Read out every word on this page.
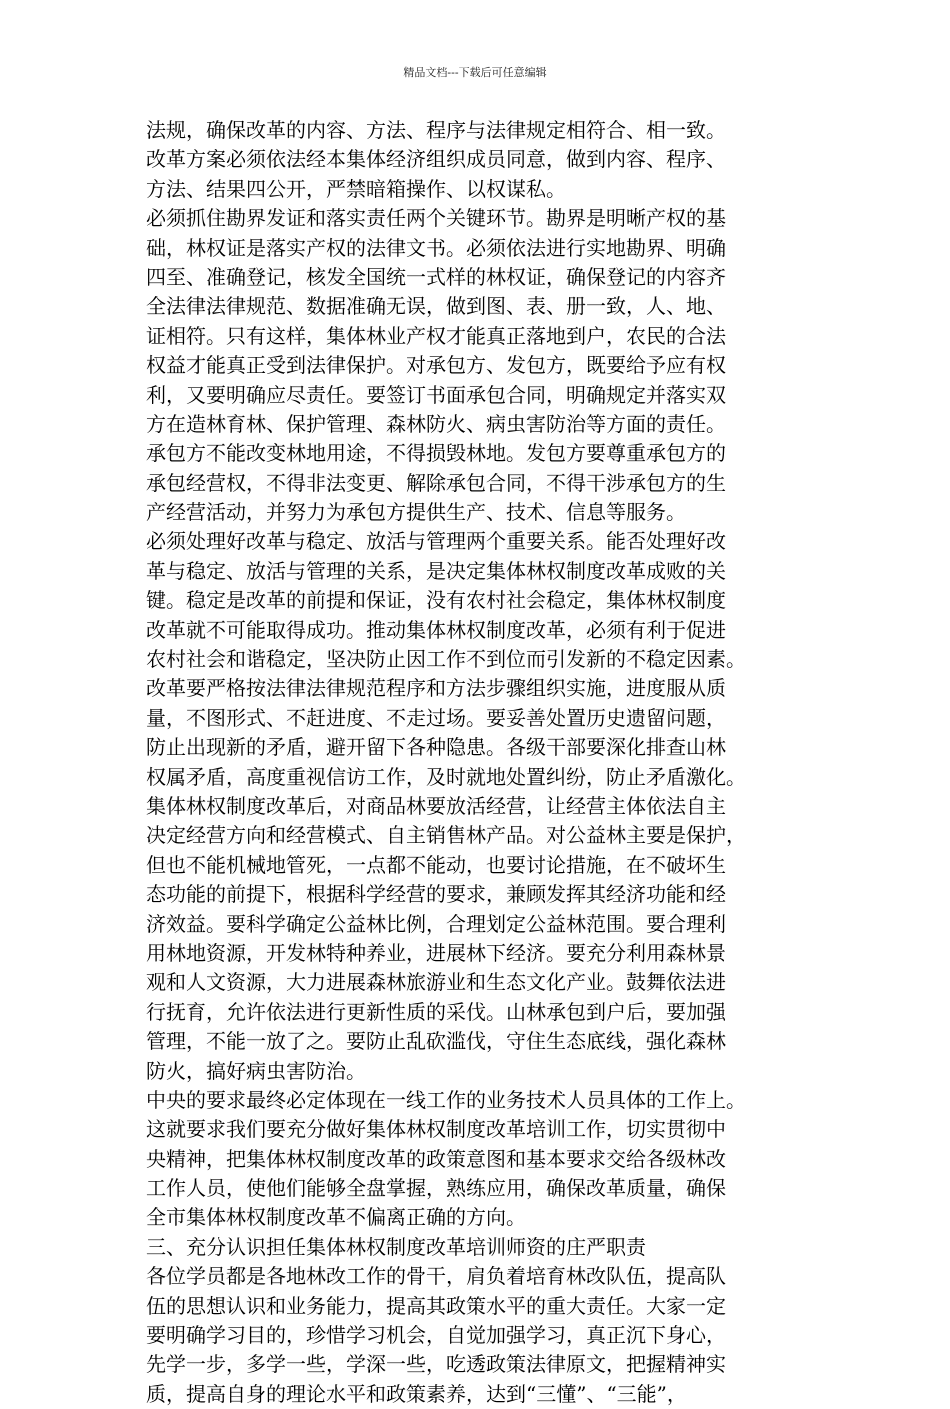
精品文档---下载后可任意编辑
法规，确保改革的内容、方法、程序与法律规定相符合、相一致。
改革方案必须依法经本集体经济组织成员同意，做到内容、程序、
方法、结果四公开，严禁暗箱操作、以权谋私。
必须抓住勘界发证和落实责任两个关键环节。勘界是明晰产权的基
础，林权证是落实产权的法律文书。必须依法进行实地勘界、明确
四至、准确登记，核发全国统一式样的林权证，确保登记的内容齐
全法律法律规范、数据准确无误，做到图、表、册一致，人、地、
证相符。只有这样，集体林业产权才能真正落地到户，农民的合法
权益才能真正受到法律保护。对承包方、发包方，既要给予应有权
利，又要明确应尽责任。要签订书面承包合同，明确规定并落实双
方在造林育林、保护管理、森林防火、病虫害防治等方面的责任。
承包方不能改变林地用途，不得损毁林地。发包方要尊重承包方的
承包经营权，不得非法变更、解除承包合同，不得干涉承包方的生
产经营活动，并努力为承包方提供生产、技术、信息等服务。
必须处理好改革与稳定、放活与管理两个重要关系。能否处理好改
革与稳定、放活与管理的关系，是决定集体林权制度改革成败的关
键。稳定是改革的前提和保证，没有农村社会稳定，集体林权制度
改革就不可能取得成功。推动集体林权制度改革，必须有利于促进
农村社会和谐稳定，坚决防止因工作不到位而引发新的不稳定因素。
改革要严格按法律法律规范程序和方法步骤组织实施，进度服从质
量，不图形式、不赶进度、不走过场。要妥善处置历史遗留问题，
防止出现新的矛盾，避开留下各种隐患。各级干部要深化排查山林
权属矛盾，高度重视信访工作，及时就地处置纠纷，防止矛盾激化。
集体林权制度改革后，对商品林要放活经营，让经营主体依法自主
决定经营方向和经营模式、自主销售林产品。对公益林主要是保护，
但也不能机械地管死，一点都不能动，也要讨论措施，在不破坏生
态功能的前提下，根据科学经营的要求，兼顾发挥其经济功能和经
济效益。要科学确定公益林比例，合理划定公益林范围。要合理利
用林地资源，开发林特种养业，进展林下经济。要充分利用森林景
观和人文资源，大力进展森林旅游业和生态文化产业。鼓舞依法进
行抚育，允许依法进行更新性质的采伐。山林承包到户后，要加强
管理，不能一放了之。要防止乱砍滥伐，守住生态底线，强化森林
防火，搞好病虫害防治。
中央的要求最终必定体现在一线工作的业务技术人员具体的工作上。
这就要求我们要充分做好集体林权制度改革培训工作，切实贯彻中
央精神，把集体林权制度改革的政策意图和基本要求交给各级林改
工作人员，使他们能够全盘掌握，熟练应用，确保改革质量，确保
全市集体林权制度改革不偏离正确的方向。
三、充分认识担任集体林权制度改革培训师资的庄严职责
各位学员都是各地林改工作的骨干，肩负着培育林改队伍，提高队
伍的思想认识和业务能力，提高其政策水平的重大责任。大家一定
要明确学习目的，珍惜学习机会，自觉加强学习，真正沉下身心，
先学一步，多学一些，学深一些，吃透政策法律原文，把握精神实
质，提高自身的理论水平和政策素养，达到“三懂”、“三能”，
